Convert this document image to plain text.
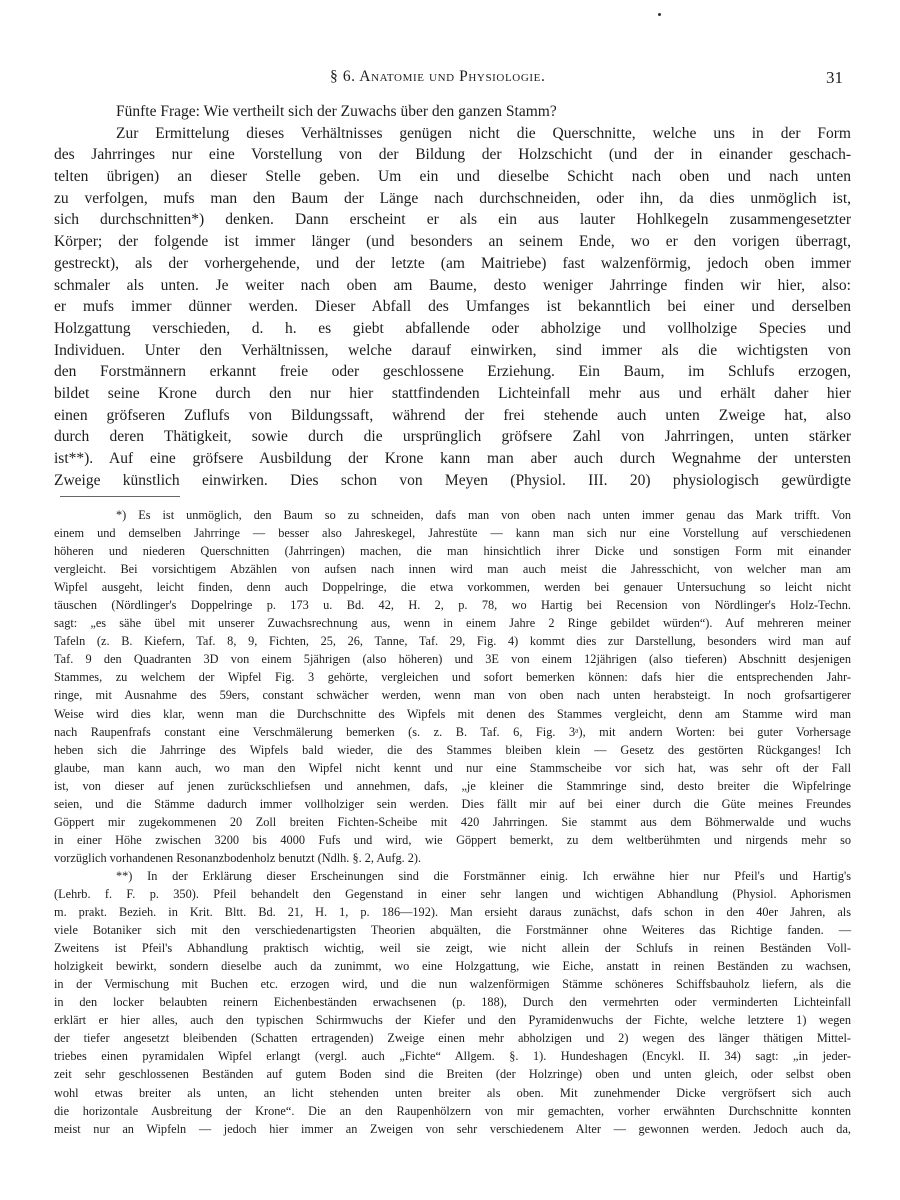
§ 6. Anatomie und Physiologie.	31
Fünfte Frage: Wie vertheilt sich der Zuwachs über den ganzen Stamm?
Zur Ermittelung dieses Verhältnisses genügen nicht die Querschnitte, welche uns in der Form
des Jahrringes nur eine Vorstellung von der Bildung der Holzschicht (und der in einander geschach-
telten übrigen) an dieser Stelle geben. Um ein und dieselbe Schicht nach oben und nach unten
zu verfolgen, mufs man den Baum der Länge nach durchschneiden, oder ihn, da dies unmöglich ist,
sich durchschnitten*) denken. Dann erscheint er als ein aus lauter Hohlkegeln zusammengesetzter
Körper; der folgende ist immer länger (und besonders an seinem Ende, wo er den vorigen überragt,
gestreckt), als der vorhergehende, und der letzte (am Maitriebe) fast walzenförmig, jedoch oben immer
schmaler als unten. Je weiter nach oben am Baume, desto weniger Jahrringe finden wir hier, also:
er mufs immer dünner werden. Dieser Abfall des Umfanges ist bekanntlich bei einer und derselben
Holzgattung verschieden, d. h. es giebt abfallende oder abholzige und vollholzige Species und
Individuen. Unter den Verhältnissen, welche darauf einwirken, sind immer als die wichtigsten von
den Forstmännern erkannt freie oder geschlossene Erziehung. Ein Baum, im Schlufs erzogen,
bildet seine Krone durch den nur hier stattfindenden Lichteinfall mehr aus und erhält daher hier
einen gröfseren Zuflufs von Bildungssaft, während der frei stehende auch unten Zweige hat, also
durch deren Thätigkeit, sowie durch die ursprünglich gröfsere Zahl von Jahrringen, unten stärker
ist**). Auf eine gröfsere Ausbildung der Krone kann man aber auch durch Wegnahme der untersten
Zweige künstlich einwirken. Dies schon von Meyen (Physiol. III. 20) physiologisch gewürdigte
*) Es ist unmöglich, den Baum so zu schneiden, dafs man von oben nach unten immer genau das Mark trifft. Von
einem und demselben Jahrringe — besser also Jahreskegel, Jahrestüte — kann man sich nur eine Vorstellung auf verschiedenen
höheren und niederen Querschnitten (Jahrringen) machen, die man hinsichtlich ihrer Dicke und sonstigen Form mit einander
vergleicht. Bei vorsichtigem Abzählen von aufsen nach innen wird man auch meist die Jahresschicht, von welcher man am
Wipfel ausgeht, leicht finden, denn auch Doppelringe, die etwa vorkommen, werden bei genauer Untersuchung so leicht nicht
täuschen (Nördlinger's Doppelringe p. 173 u. Bd. 42, H. 2, p. 78, wo Hartig bei Recension von Nördlinger's Holz-Techn.
sagt: „es sähe übel mit unserer Zuwachsrechnung aus, wenn in einem Jahre 2 Ringe gebildet würden“). Auf mehreren meiner
Tafeln (z. B. Kiefern, Taf. 8, 9, Fichten, 25, 26, Tanne, Taf. 29, Fig. 4) kommt dies zur Darstellung, besonders wird man auf
Taf. 9 den Quadranten 3D von einem 5jährigen (also höheren) und 3E von einem 12jährigen (also tieferen) Abschnitt desjenigen
Stammes, zu welchem der Wipfel Fig. 3 gehörte, vergleichen und sofort bemerken können: dafs hier die entsprechenden Jahr-
ringe, mit Ausnahme des 59ers, constant schwächer werden, wenn man von oben nach unten herabsteigt. In noch grofsartigerer
Weise wird dies klar, wenn man die Durchschnitte des Wipfels mit denen des Stammes vergleicht, denn am Stamme wird man
nach Raupenfrafs constant eine Verschmälerung bemerken (s. z. B. Taf. 6, Fig. 3ᵃ), mit andern Worten: bei guter Vorhersage
heben sich die Jahrringe des Wipfels bald wieder, die des Stammes bleiben klein — Gesetz des gestörten Rückganges! Ich
glaube, man kann auch, wo man den Wipfel nicht kennt und nur eine Stammscheibe vor sich hat, was sehr oft der Fall
ist, von dieser auf jenen zurückschliefsen und annehmen, dafs, „je kleiner die Stammringe sind, desto breiter die Wipfelringe
seien, und die Stämme dadurch immer vollholziger sein werden. Dies fällt mir auf bei einer durch die Güte meines Freundes
Göppert mir zugekommenen 20 Zoll breiten Fichten-Scheibe mit 420 Jahrringen. Sie stammt aus dem Böhmerwalde und wuchs
in einer Höhe zwischen 3200 bis 4000 Fufs und wird, wie Göppert bemerkt, zu dem weltberühmten und nirgends mehr so
vorzüglich vorhandenen Resonanzbodenholz benutzt (Ndlh. §. 2, Aufg. 2).
**) In der Erklärung dieser Erscheinungen sind die Forstmänner einig. Ich erwähne hier nur Pfeil's und Hartig's
(Lehrb. f. F. p. 350). Pfeil behandelt den Gegenstand in einer sehr langen und wichtigen Abhandlung (Physiol. Aphorismen
m. prakt. Bezieh. in Krit. Bltt. Bd. 21, H. 1, p. 186—192). Man ersieht daraus zunächst, dafs schon in den 40er Jahren, als
viele Botaniker sich mit den verschiedenartigsten Theorien abquälten, die Forstmänner ohne Weiteres das Richtige fanden. —
Zweitens ist Pfeil's Abhandlung praktisch wichtig, weil sie zeigt, wie nicht allein der Schlufs in reinen Beständen Voll-
holzigkeit bewirkt, sondern dieselbe auch da zunimmt, wo eine Holzgattung, wie Eiche, anstatt in reinen Beständen zu wachsen,
in der Vermischung mit Buchen etc. erzogen wird, und die nun walzenförmigen Stämme schöneres Schiffsbauholz liefern, als die
in den locker belaubten reinern Eichenbeständen erwachsenen (p. 188), Durch den vermehrten oder verminderten Lichteinfall
erklärt er hier alles, auch den typischen Schirmwuchs der Kiefer und den Pyramidenwuchs der Fichte, welche letztere 1) wegen
der tiefer angesetzt bleibenden (Schatten ertragenden) Zweige einen mehr abholzigen und 2) wegen des länger thätigen Mittel-
triebes einen pyramidalen Wipfel erlangt (vergl. auch „Fichte“ Allgem. §. 1). Hundeshagen (Encykl. II. 34) sagt: „in jeder-
zeit sehr geschlossenen Beständen auf gutem Boden sind die Breiten (der Holzringe) oben und unten gleich, oder selbst oben
wohl etwas breiter als unten, an licht stehenden unten breiter als oben. Mit zunehmender Dicke vergröfsert sich auch
die horizontale Ausbreitung der Krone“. Die an den Raupenhölzern von mir gemachten, vorher erwähnten Durchschnitte konnten
meist nur an Wipfeln — jedoch hier immer an Zweigen von sehr verschiedenem Alter — gewonnen werden. Jedoch auch da,
